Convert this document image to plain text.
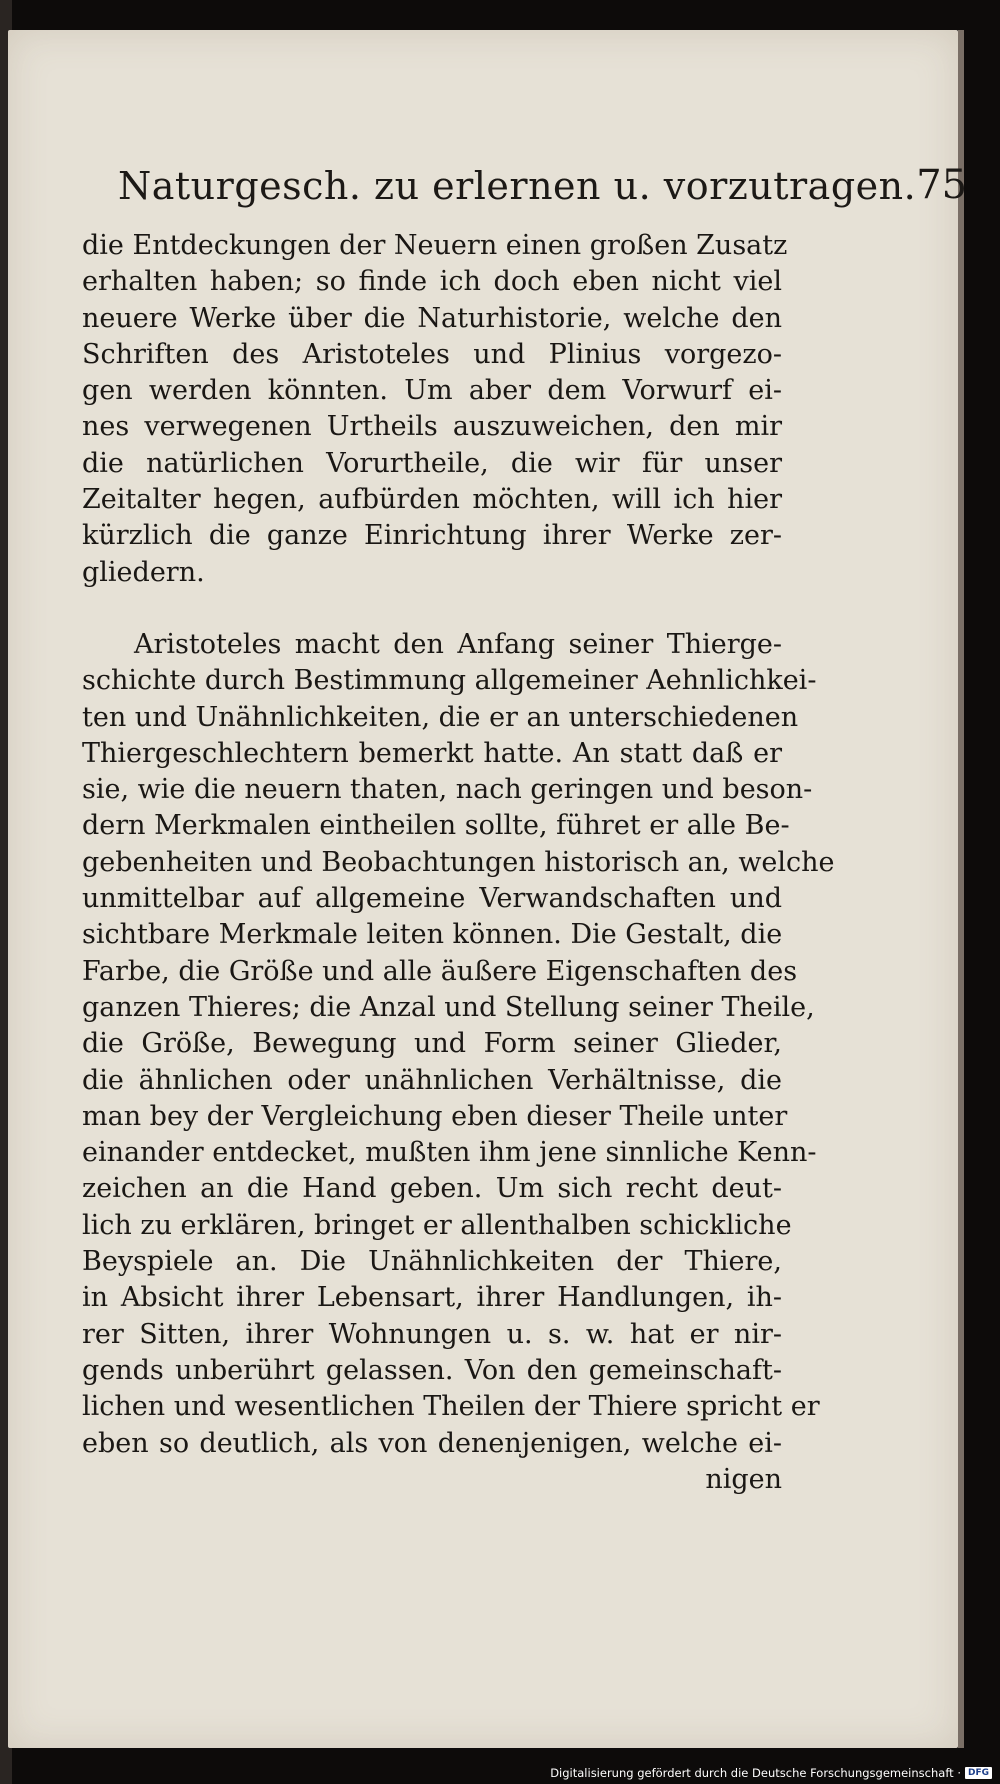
Naturgesch. zu erlernen u. vorzutragen. 75
die Entdeckungen der Neuern einen großen Zusatz
erhalten haben; so finde ich doch eben nicht viel
neuere Werke über die Naturhistorie, welche den
Schriften des Aristoteles und Plinius vorgezo-
gen werden könnten. Um aber dem Vorwurf ei-
nes verwegenen Urtheils auszuweichen, den mir
die natürlichen Vorurtheile, die wir für unser
Zeitalter hegen, aufbürden möchten, will ich hier
kürzlich die ganze Einrichtung ihrer Werke zer-
gliedern.
Aristoteles macht den Anfang seiner Thierge-
schichte durch Bestimmung allgemeiner Aehnlichkei-
ten und Unähnlichkeiten, die er an unterschiedenen
Thiergeschlechtern bemerkt hatte. An statt daß er
sie, wie die neuern thaten, nach geringen und beson-
dern Merkmalen eintheilen sollte, führet er alle Be-
gebenheiten und Beobachtungen historisch an, welche
unmittelbar auf allgemeine Verwandschaften und
sichtbare Merkmale leiten können. Die Gestalt, die
Farbe, die Größe und alle äußere Eigenschaften des
ganzen Thieres; die Anzal und Stellung seiner Theile,
die Größe, Bewegung und Form seiner Glieder,
die ähnlichen oder unähnlichen Verhältnisse, die
man bey der Vergleichung eben dieser Theile unter
einander entdecket, mußten ihm jene sinnliche Kenn-
zeichen an die Hand geben. Um sich recht deut-
lich zu erklären, bringet er allenthalben schickliche
Beyspiele an. Die Unähnlichkeiten der Thiere,
in Absicht ihrer Lebensart, ihrer Handlungen, ih-
rer Sitten, ihrer Wohnungen u. s. w. hat er nir-
gends unberührt gelassen. Von den gemeinschaft-
lichen und wesentlichen Theilen der Thiere spricht er
eben so deutlich, als von denenjenigen, welche ei-
nigen
Digitalisierung gefördert durch die Deutsche Forschungsgemeinschaft · DFG
